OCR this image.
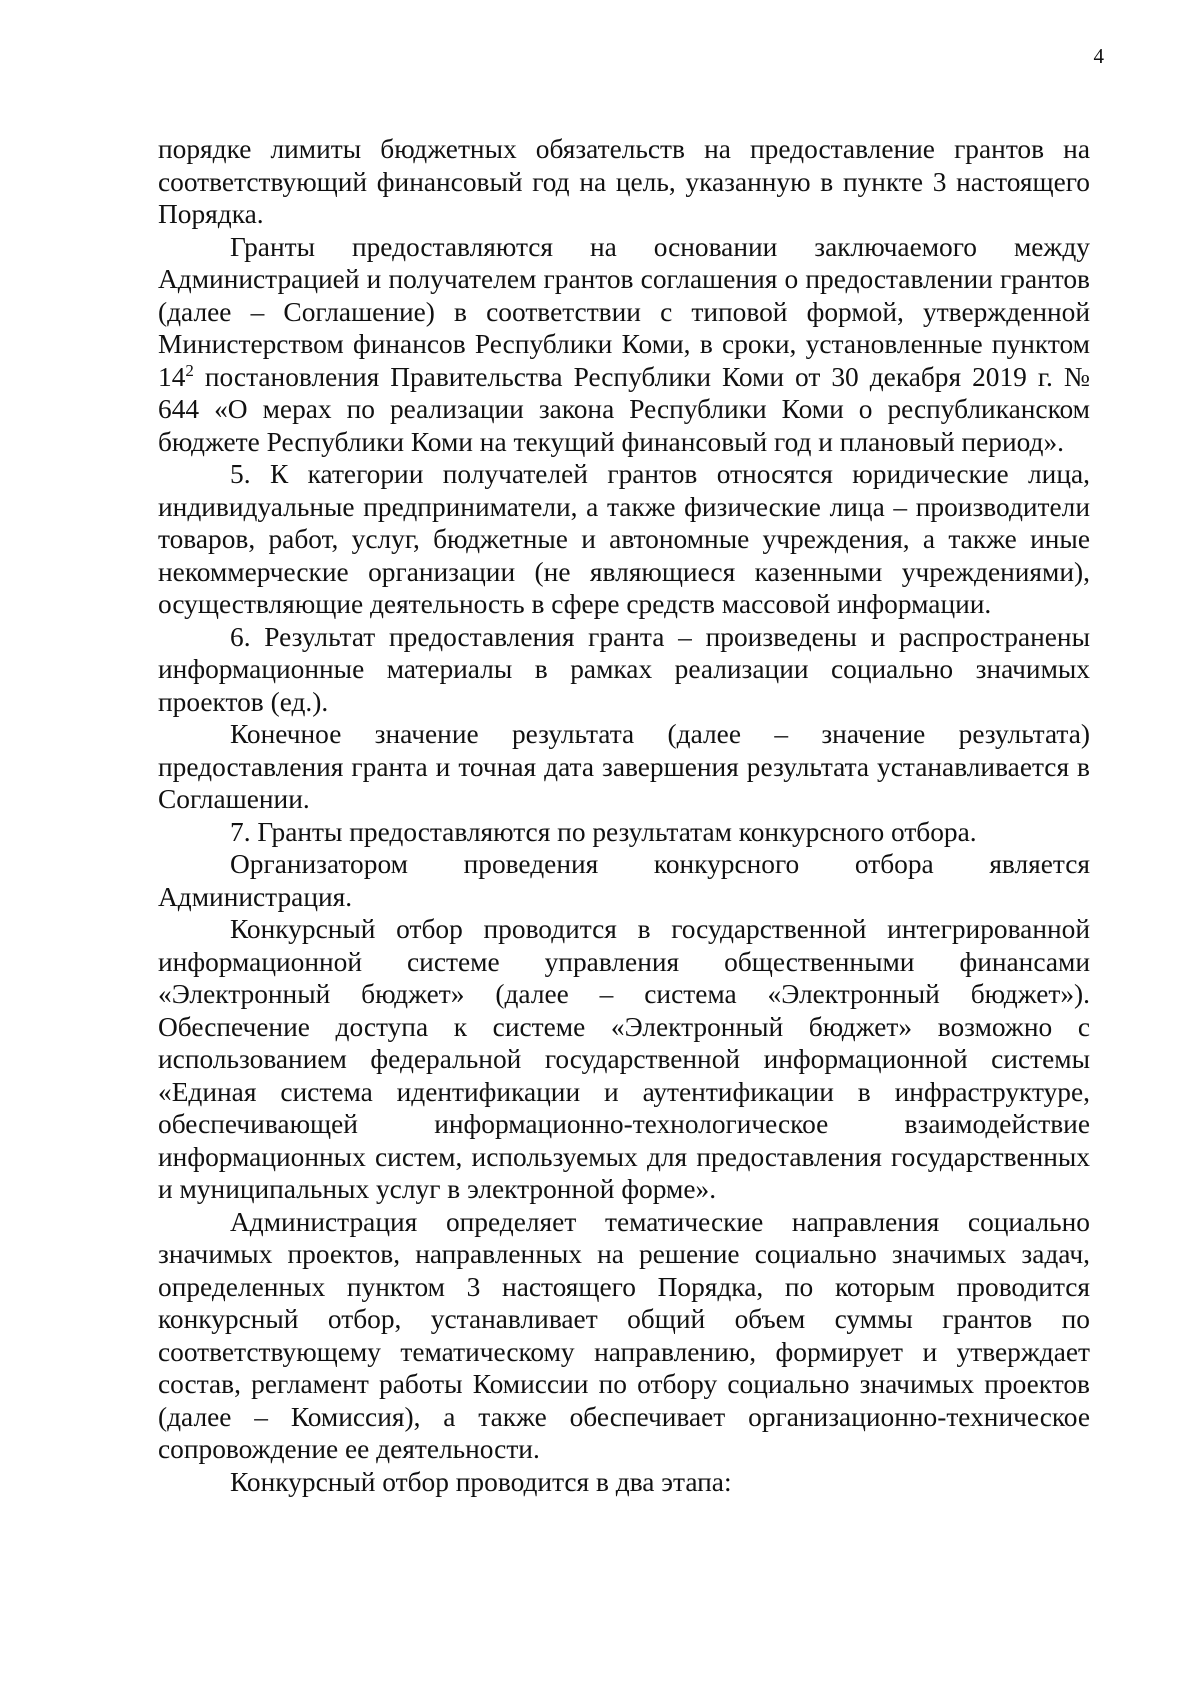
4

порядке лимиты бюджетных обязательств на предоставление грантов на соответствующий финансовый год на цель, указанную в пункте 3 настоящего Порядка.

Гранты предоставляются на основании заключаемого между Администрацией и получателем грантов соглашения о предоставлении грантов (далее – Соглашение) в соответствии с типовой формой, утвержденной Министерством финансов Республики Коми, в сроки, установленные пунктом $14^2$ постановления Правительства Республики Коми от 30 декабря 2019 г. № 644 «О мерах по реализации закона Республики Коми о республиканском бюджете Республики Коми на текущий финансовый год и плановый период».

5. К категории получателей грантов относятся юридические лица, индивидуальные предприниматели, а также физические лица – производители товаров, работ, услуг, бюджетные и автономные учреждения, а также иные некоммерческие организации (не являющиеся казенными учреждениями), осуществляющие деятельность в сфере средств массовой информации.

6. Результат предоставления гранта – произведены и распространены информационные материалы в рамках реализации социально значимых проектов (ед.).

Конечное значение результата (далее – значение результата) предоставления гранта и точная дата завершения результата устанавливается в Соглашении.

7. Гранты предоставляются по результатам конкурсного отбора.

Организатором проведения конкурсного отбора является Администрация.

Конкурсный отбор проводится в государственной интегрированной информационной системе управления общественными финансами «Электронный бюджет» (далее – система «Электронный бюджет»). Обеспечение доступа к системе «Электронный бюджет» возможно с использованием федеральной государственной информационной системы «Единая система идентификации и аутентификации в инфраструктуре, обеспечивающей информационно-технологическое взаимодействие информационных систем, используемых для предоставления государственных и муниципальных услуг в электронной форме».

Администрация определяет тематические направления социально значимых проектов, направленных на решение социально значимых задач, определенных пунктом 3 настоящего Порядка, по которым проводится конкурсный отбор, устанавливает общий объем суммы грантов по соответствующему тематическому направлению, формирует и утверждает состав, регламент работы Комиссии по отбору социально значимых проектов (далее – Комиссия), а также обеспечивает организационно-техническое сопровождение ее деятельности.

Конкурсный отбор проводится в два этапа:
